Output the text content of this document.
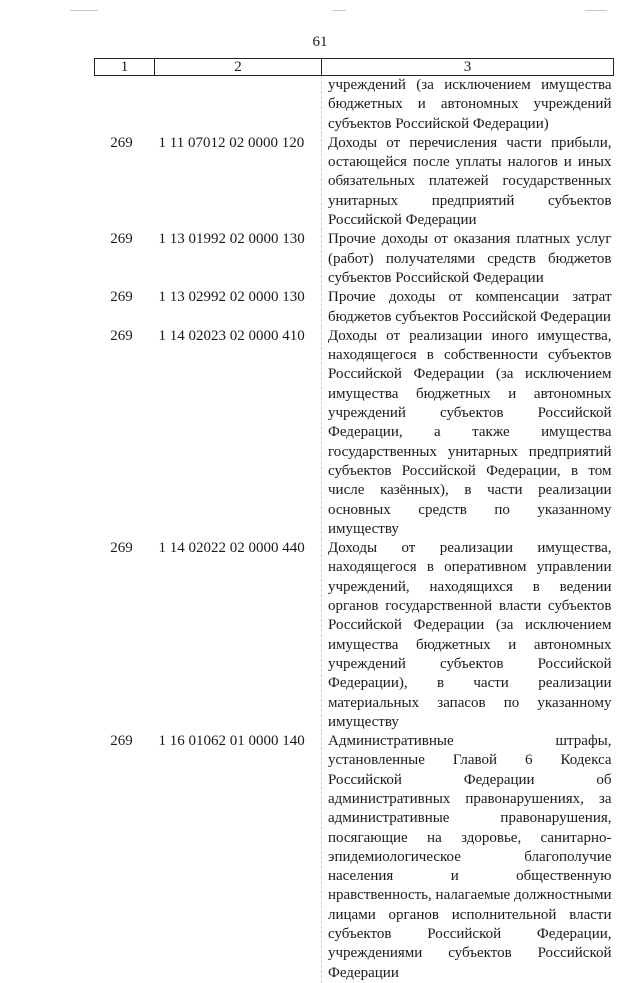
61
1	2	3
		учреждений (за исключением имущества бюджетных и автономных учреждений субъектов Российской Федерации)
269	1 11 07012 02 0000 120	Доходы от перечисления части прибыли, остающейся после уплаты налогов и иных обязательных платежей государственных унитарных предприятий субъектов Российской Федерации
269	1 13 01992 02 0000 130	Прочие доходы от оказания платных услуг (работ) получателями средств бюджетов субъектов Российской Федерации
269	1 13 02992 02 0000 130	Прочие доходы от компенсации затрат бюджетов субъектов Российской Федерации
269	1 14 02023 02 0000 410	Доходы от реализации иного имущества, находящегося в собственности субъектов Российской Федерации (за исключением имущества бюджетных и автономных учреждений субъектов Российской Федерации, а также имущества государственных унитарных предприятий субъектов Российской Федерации, в том числе казённых), в части реализации основных средств по указанному имуществу
269	1 14 02022 02 0000 440	Доходы от реализации имущества, находящегося в оперативном управлении учреждений, находящихся в ведении органов государственной власти субъектов Российской Федерации (за исключением имущества бюджетных и автономных учреждений субъектов Российской Федерации), в части реализации материальных запасов по указанному имуществу
269	1 16 01062 01 0000 140	Административные штрафы, установленные Главой 6 Кодекса Российской Федерации об административных правонарушениях, за административные правонарушения, посягающие на здоровье, санитарно-эпидемиологическое благополучие населения и общественную нравственность, налагаемые должностными лицами органов исполнительной власти субъектов Российской Федерации, учреждениями субъектов Российской Федерации
